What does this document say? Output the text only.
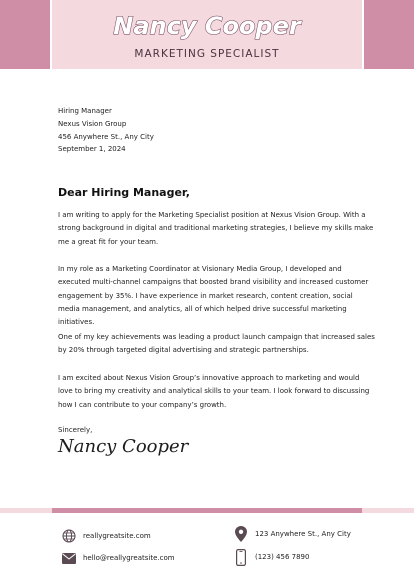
Nancy Cooper
MARKETING SPECIALIST
Hiring Manager
Nexus Vision Group
456 Anywhere St., Any City
September 1, 2024
Dear Hiring Manager,

I am writing to apply for the Marketing Specialist position at Nexus Vision Group. With a strong background in digital and traditional marketing strategies, I believe my skills make me a great fit for your team.

In my role as a Marketing Coordinator at Visionary Media Group, I developed and executed multi-channel campaigns that boosted brand visibility and increased customer engagement by 35%. I have experience in market research, content creation, social media management, and analytics, all of which helped drive successful marketing initiatives.

One of my key achievements was leading a product launch campaign that increased sales by 20% through targeted digital advertising and strategic partnerships.

I am excited about Nexus Vision Group’s innovative approach to marketing and would love to bring my creativity and analytical skills to your team. I look forward to discussing how I can contribute to your company’s growth.

Sincerely,
Nancy Cooper
reallygreatsite.com
hello@reallygreatsite.com
123 Anywhere St., Any City
(123) 456 7890
